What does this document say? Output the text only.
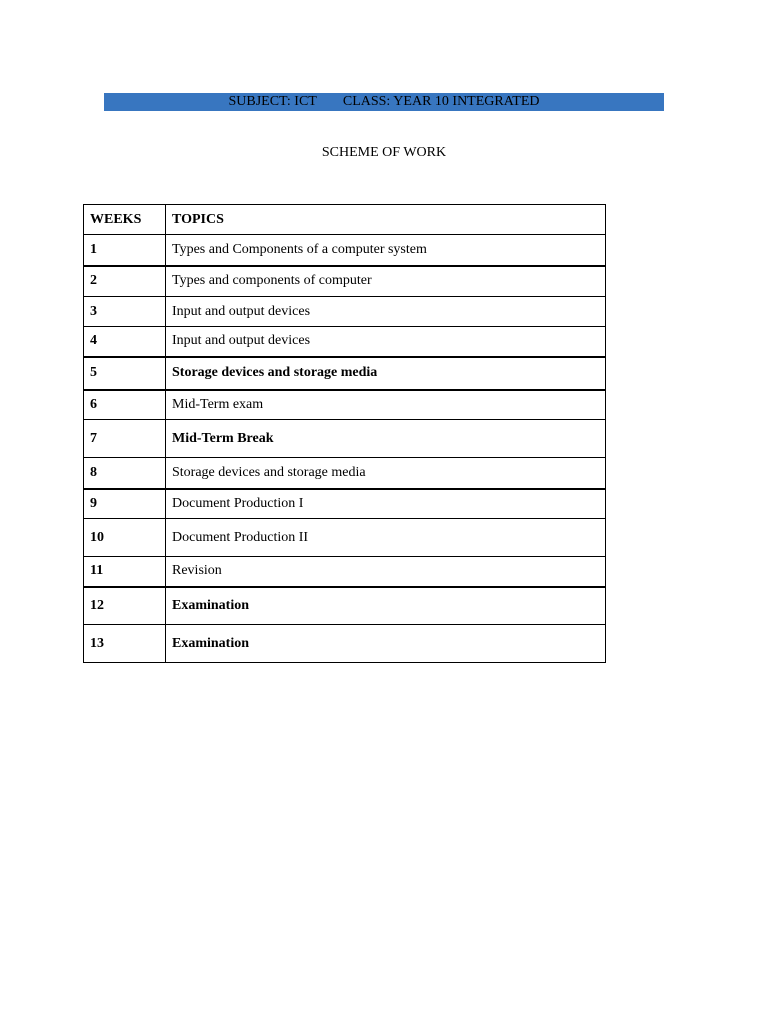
SUBJECT: ICT CLASS: YEAR 10 INTEGRATED
SCHEME OF WORK
WEEKS	TOPICS
1	Types and Components of a computer system
2	Types and components of computer
3	Input and output devices
4	Input and output devices
5	Storage devices and storage media
6	Mid-Term exam
7	Mid-Term Break
8	Storage devices and storage media
9	Document Production I
10	Document Production II
11	Revision
12	Examination
13	Examination
